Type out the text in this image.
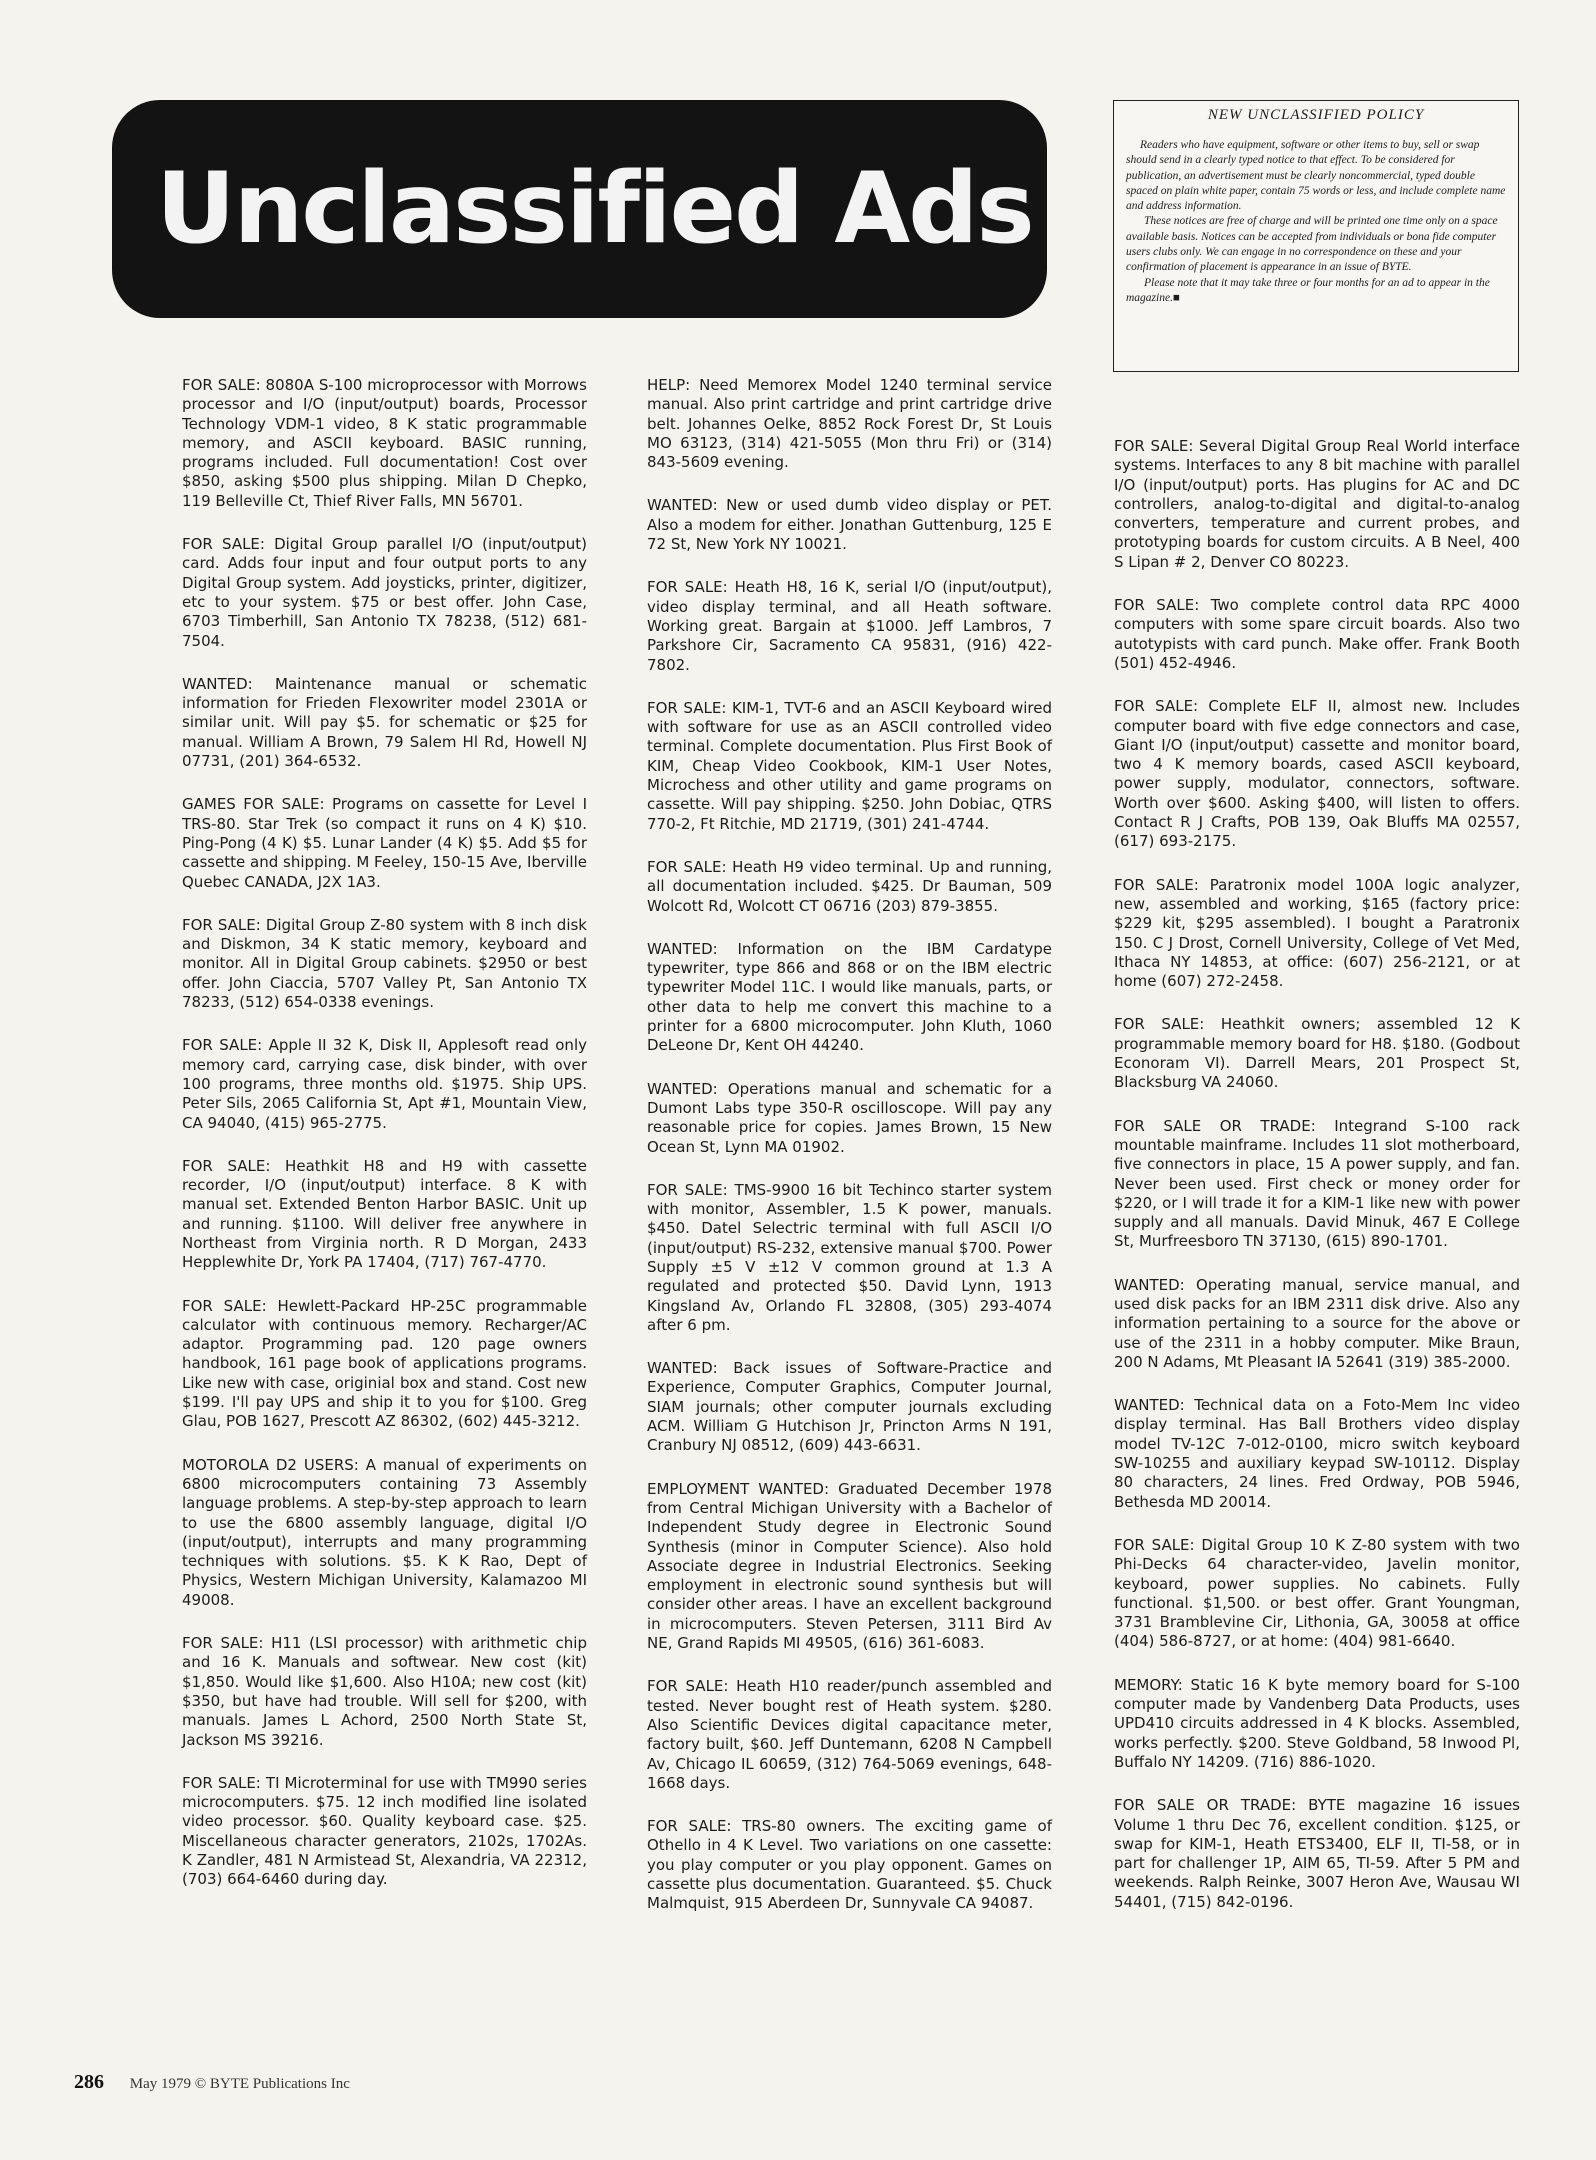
Unclassified Ads
NEW UNCLASSIFIED POLICY

Readers who have equipment, software or other items to buy, sell or swap should send in a clearly typed notice to that effect. To be considered for publication, an advertisement must be clearly noncommercial, typed double spaced on plain white paper, contain 75 words or less, and include complete name and address information.

These notices are free of charge and will be printed one time only on a space available basis. Notices can be accepted from individuals or bona fide computer users clubs only. We can engage in no correspondence on these and your confirmation of placement is appearance in an issue of BYTE.

Please note that it may take three or four months for an ad to appear in the magazine.■

FOR SALE: 8080A S-100 microprocessor with Morrows processor and I/O (input/output) boards, Processor Technology VDM-1 video, 8 K static programmable memory, and ASCII keyboard. BASIC running, programs included. Full documentation! Cost over $850, asking $500 plus shipping. Milan D Chepko, 119 Belleville Ct, Thief River Falls, MN 56701.

FOR SALE: Digital Group parallel I/O (input/output) card. Adds four input and four output ports to any Digital Group system. Add joysticks, printer, digitizer, etc to your system. $75 or best offer. John Case, 6703 Timberhill, San Antonio TX 78238, (512) 681-7504.

WANTED: Maintenance manual or schematic information for Frieden Flexowriter model 2301A or similar unit. Will pay $5. for schematic or $25 for manual. William A Brown, 79 Salem Hl Rd, Howell NJ 07731, (201) 364-6532.

GAMES FOR SALE: Programs on cassette for Level I TRS-80. Star Trek (so compact it runs on 4 K) $10. Ping-Pong (4 K) $5. Lunar Lander (4 K) $5. Add $5 for cassette and shipping. M Feeley, 150-15 Ave, Iberville Quebec CANADA, J2X 1A3.

FOR SALE: Digital Group Z-80 system with 8 inch disk and Diskmon, 34 K static memory, keyboard and monitor. All in Digital Group cabinets. $2950 or best offer. John Ciaccia, 5707 Valley Pt, San Antonio TX 78233, (512) 654-0338 evenings.

FOR SALE: Apple II 32 K, Disk II, Applesoft read only memory card, carrying case, disk binder, with over 100 programs, three months old. $1975. Ship UPS. Peter Sils, 2065 California St, Apt #1, Mountain View, CA 94040, (415) 965-2775.

FOR SALE: Heathkit H8 and H9 with cassette recorder, I/O (input/output) interface. 8 K with manual set. Extended Benton Harbor BASIC. Unit up and running. $1100. Will deliver free anywhere in Northeast from Virginia north. R D Morgan, 2433 Hepplewhite Dr, York PA 17404, (717) 767-4770.

FOR SALE: Hewlett-Packard HP-25C programmable calculator with continuous memory. Recharger/AC adaptor. Programming pad. 120 page owners handbook, 161 page book of applications programs. Like new with case, originial box and stand. Cost new $199. I'll pay UPS and ship it to you for $100. Greg Glau, POB 1627, Prescott AZ 86302, (602) 445-3212.

MOTOROLA D2 USERS: A manual of experiments on 6800 microcomputers containing 73 Assembly language problems. A step-by-step approach to learn to use the 6800 assembly language, digital I/O (input/output), interrupts and many programming techniques with solutions. $5. K K Rao, Dept of Physics, Western Michigan University, Kalamazoo MI 49008.

FOR SALE: H11 (LSI processor) with arithmetic chip and 16 K. Manuals and softwear. New cost (kit) $1,850. Would like $1,600. Also H10A; new cost (kit) $350, but have had trouble. Will sell for $200, with manuals. James L Achord, 2500 North State St, Jackson MS 39216.

FOR SALE: TI Microterminal for use with TM990 series microcomputers. $75. 12 inch modified line isolated video processor. $60. Quality keyboard case. $25. Miscellaneous character generators, 2102s, 1702As. K Zandler, 481 N Armistead St, Alexandria, VA 22312, (703) 664-6460 during day.

HELP: Need Memorex Model 1240 terminal service manual. Also print cartridge and print cartridge drive belt. Johannes Oelke, 8852 Rock Forest Dr, St Louis MO 63123, (314) 421-5055 (Mon thru Fri) or (314) 843-5609 evening.

WANTED: New or used dumb video display or PET. Also a modem for either. Jonathan Guttenburg, 125 E 72 St, New York NY 10021.

FOR SALE: Heath H8, 16 K, serial I/O (input/output), video display terminal, and all Heath software. Working great. Bargain at $1000. Jeff Lambros, 7 Parkshore Cir, Sacramento CA 95831, (916) 422-7802.

FOR SALE: KIM-1, TVT-6 and an ASCII Keyboard wired with software for use as an ASCII controlled video terminal. Complete documentation. Plus First Book of KIM, Cheap Video Cookbook, KIM-1 User Notes, Microchess and other utility and game programs on cassette. Will pay shipping. $250. John Dobiac, QTRS 770-2, Ft Ritchie, MD 21719, (301) 241-4744.

FOR SALE: Heath H9 video terminal. Up and running, all documentation included. $425. Dr Bauman, 509 Wolcott Rd, Wolcott CT 06716 (203) 879-3855.

WANTED: Information on the IBM Cardatype typewriter, type 866 and 868 or on the IBM electric typewriter Model 11C. I would like manuals, parts, or other data to help me convert this machine to a printer for a 6800 microcomputer. John Kluth, 1060 DeLeone Dr, Kent OH 44240.

WANTED: Operations manual and schematic for a Dumont Labs type 350-R oscilloscope. Will pay any reasonable price for copies. James Brown, 15 New Ocean St, Lynn MA 01902.

FOR SALE: TMS-9900 16 bit Techinco starter system with monitor, Assembler, 1.5 K power, manuals. $450. Datel Selectric terminal with full ASCII I/O (input/output) RS-232, extensive manual $700. Power Supply ±5 V ±12 V common ground at 1.3 A regulated and protected $50. David Lynn, 1913 Kingsland Av, Orlando FL 32808, (305) 293-4074 after 6 pm.

WANTED: Back issues of Software-Practice and Experience, Computer Graphics, Computer Journal, SIAM journals; other computer journals excluding ACM. William G Hutchison Jr, Princton Arms N 191, Cranbury NJ 08512, (609) 443-6631.

EMPLOYMENT WANTED: Graduated December 1978 from Central Michigan University with a Bachelor of Independent Study degree in Electronic Sound Synthesis (minor in Computer Science). Also hold Associate degree in Industrial Electronics. Seeking employment in electronic sound synthesis but will consider other areas. I have an excellent background in microcomputers. Steven Petersen, 3111 Bird Av NE, Grand Rapids MI 49505, (616) 361-6083.

FOR SALE: Heath H10 reader/punch assembled and tested. Never bought rest of Heath system. $280. Also Scientific Devices digital capacitance meter, factory built, $60. Jeff Duntemann, 6208 N Campbell Av, Chicago IL 60659, (312) 764-5069 evenings, 648-1668 days.

FOR SALE: TRS-80 owners. The exciting game of Othello in 4 K Level. Two variations on one cassette: you play computer or you play opponent. Games on cassette plus documentation. Guaranteed. $5. Chuck Malmquist, 915 Aberdeen Dr, Sunnyvale CA 94087.

FOR SALE: Several Digital Group Real World interface systems. Interfaces to any 8 bit machine with parallel I/O (input/output) ports. Has plugins for AC and DC controllers, analog-to-digital and digital-to-analog converters, temperature and current probes, and prototyping boards for custom circuits. A B Neel, 400 S Lipan # 2, Denver CO 80223.

FOR SALE: Two complete control data RPC 4000 computers with some spare circuit boards. Also two autotypists with card punch. Make offer. Frank Booth (501) 452-4946.

FOR SALE: Complete ELF II, almost new. Includes computer board with five edge connectors and case, Giant I/O (input/output) cassette and monitor board, two 4 K memory boards, cased ASCII keyboard, power supply, modulator, connectors, software. Worth over $600. Asking $400, will listen to offers. Contact R J Crafts, POB 139, Oak Bluffs MA 02557, (617) 693-2175.

FOR SALE: Paratronix model 100A logic analyzer, new, assembled and working, $165 (factory price: $229 kit, $295 assembled). I bought a Paratronix 150. C J Drost, Cornell University, College of Vet Med, Ithaca NY 14853, at office: (607) 256-2121, or at home (607) 272-2458.

FOR SALE: Heathkit owners; assembled 12 K programmable memory board for H8. $180. (Godbout Econoram VI). Darrell Mears, 201 Prospect St, Blacksburg VA 24060.

FOR SALE OR TRADE: Integrand S-100 rack mountable mainframe. Includes 11 slot motherboard, five connectors in place, 15 A power supply, and fan. Never been used. First check or money order for $220, or I will trade it for a KIM-1 like new with power supply and all manuals. David Minuk, 467 E College St, Murfreesboro TN 37130, (615) 890-1701.

WANTED: Operating manual, service manual, and used disk packs for an IBM 2311 disk drive. Also any information pertaining to a source for the above or use of the 2311 in a hobby computer. Mike Braun, 200 N Adams, Mt Pleasant IA 52641 (319) 385-2000.

WANTED: Technical data on a Foto-Mem Inc video display terminal. Has Ball Brothers video display model TV-12C 7-012-0100, micro switch keyboard SW-10255 and auxiliary keypad SW-10112. Display 80 characters, 24 lines. Fred Ordway, POB 5946, Bethesda MD 20014.

FOR SALE: Digital Group 10 K Z-80 system with two Phi-Decks 64 character-video, Javelin monitor, keyboard, power supplies. No cabinets. Fully functional. $1,500. or best offer. Grant Youngman, 3731 Bramblevine Cir, Lithonia, GA, 30058 at office (404) 586-8727, or at home: (404) 981-6640.

MEMORY: Static 16 K byte memory board for S-100 computer made by Vandenberg Data Products, uses UPD410 circuits addressed in 4 K blocks. Assembled, works perfectly. $200. Steve Goldband, 58 Inwood Pl, Buffalo NY 14209. (716) 886-1020.

FOR SALE OR TRADE: BYTE magazine 16 issues Volume 1 thru Dec 76, excellent condition. $125, or swap for KIM-1, Heath ETS3400, ELF II, TI-58, or in part for challenger 1P, AIM 65, TI-59. After 5 PM and weekends. Ralph Reinke, 3007 Heron Ave, Wausau WI 54401, (715) 842-0196.

286 May 1979 © BYTE Publications Inc
